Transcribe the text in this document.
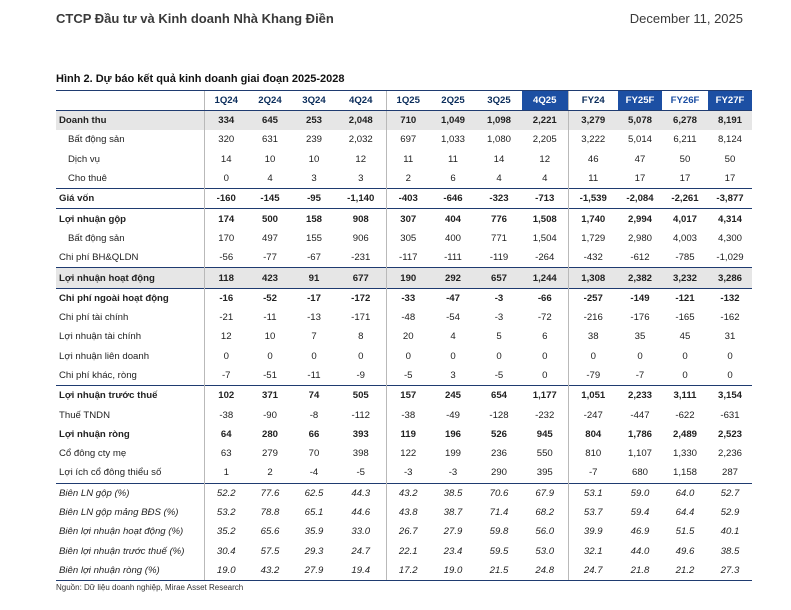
CTCP Đầu tư và Kinh doanh Nhà Khang Điền	December 11, 2025
Hình 2. Dự báo kết quả kinh doanh giai đoạn 2025-2028
	1Q24	2Q24	3Q24	4Q24	1Q25	2Q25	3Q25	4Q25	FY24	FY25F	FY26F	FY27F
Doanh thu	334	645	253	2,048	710	1,049	1,098	2,221	3,279	5,078	6,278	8,191
Bất động sản	320	631	239	2,032	697	1,033	1,080	2,205	3,222	5,014	6,211	8,124
Dịch vụ	14	10	10	12	11	11	14	12	46	47	50	50
Cho thuê	0	4	3	3	2	6	4	4	11	17	17	17
Giá vốn	-160	-145	-95	-1,140	-403	-646	-323	-713	-1,539	-2,084	-2,261	-3,877
Lợi nhuận gộp	174	500	158	908	307	404	776	1,508	1,740	2,994	4,017	4,314
Bất động sản	170	497	155	906	305	400	771	1,504	1,729	2,980	4,003	4,300
Chi phí BH&QLDN	-56	-77	-67	-231	-117	-111	-119	-264	-432	-612	-785	-1,029
Lợi nhuận hoạt động	118	423	91	677	190	292	657	1,244	1,308	2,382	3,232	3,286
Chi phí ngoài hoạt động	-16	-52	-17	-172	-33	-47	-3	-66	-257	-149	-121	-132
Chi phí tài chính	-21	-11	-13	-171	-48	-54	-3	-72	-216	-176	-165	-162
Lợi nhuận tài chính	12	10	7	8	20	4	5	6	38	35	45	31
Lợi nhuận liên doanh	0	0	0	0	0	0	0	0	0	0	0	0
Chi phí khác, ròng	-7	-51	-11	-9	-5	3	-5	0	-79	-7	0	0
Lợi nhuận trước thuế	102	371	74	505	157	245	654	1,177	1,051	2,233	3,111	3,154
Thuế TNDN	-38	-90	-8	-112	-38	-49	-128	-232	-247	-447	-622	-631
Lợi nhuận ròng	64	280	66	393	119	196	526	945	804	1,786	2,489	2,523
Cổ đông cty mẹ	63	279	70	398	122	199	236	550	810	1,107	1,330	2,236
Lợi ích cổ đông thiểu số	1	2	-4	-5	-3	-3	290	395	-7	680	1,158	287
Biên LN gộp (%)	52.2	77.6	62.5	44.3	43.2	38.5	70.6	67.9	53.1	59.0	64.0	52.7
Biên LN gộp mảng BĐS (%)	53.2	78.8	65.1	44.6	43.8	38.7	71.4	68.2	53.7	59.4	64.4	52.9
Biên lợi nhuận hoạt động (%)	35.2	65.6	35.9	33.0	26.7	27.9	59.8	56.0	39.9	46.9	51.5	40.1
Biên lợi nhuận trước thuế (%)	30.4	57.5	29.3	24.7	22.1	23.4	59.5	53.0	32.1	44.0	49.6	38.5
Biên lợi nhuận ròng (%)	19.0	43.2	27.9	19.4	17.2	19.0	21.5	24.8	24.7	21.8	21.2	27.3
Nguồn: Dữ liệu doanh nghiệp, Mirae Asset Research
